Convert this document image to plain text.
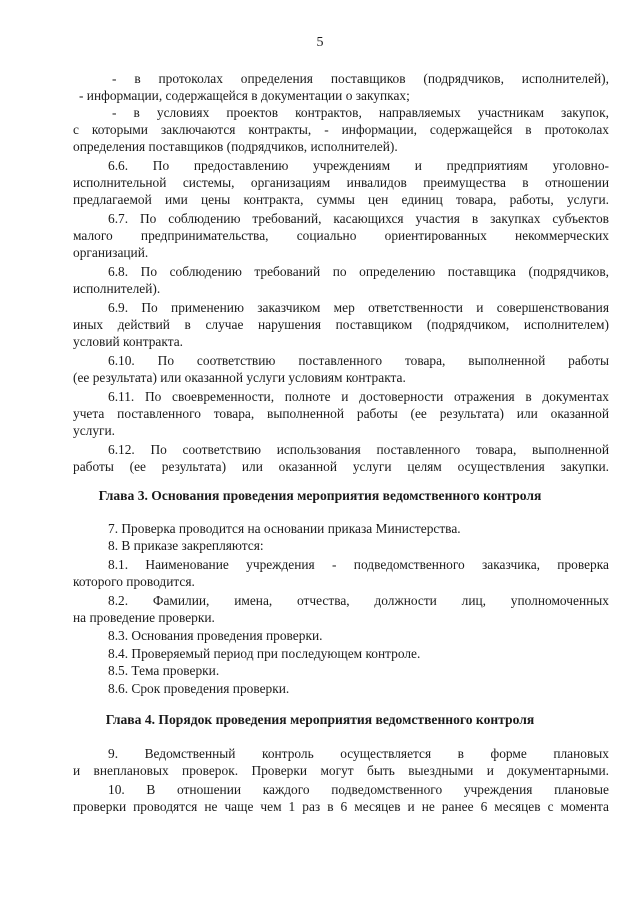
5
- в протоколах определения поставщиков (подрядчиков, исполнителей),
- информации, содержащейся в документации о закупках;
- в условиях проектов контрактов, направляемых участникам закупок,
с которыми заключаются контракты, - информации, содержащейся в протоколах
определения поставщиков (подрядчиков, исполнителей).
6.6. По предоставлению учреждениям и предприятиям уголовно-
исполнительной системы, организациям инвалидов преимущества в отношении
предлагаемой ими цены контракта, суммы цен единиц товара, работы, услуги.
6.7. По соблюдению требований, касающихся участия в закупках субъектов
малого предпринимательства, социально ориентированных некоммерческих
организаций.
6.8. По соблюдению требований по определению поставщика (подрядчиков,
исполнителей).
6.9. По применению заказчиком мер ответственности и совершенствования
иных действий в случае нарушения поставщиком (подрядчиком, исполнителем)
условий контракта.
6.10. По соответствию поставленного товара, выполненной работы
(ее результата) или оказанной услуги условиям контракта.
6.11. По своевременности, полноте и достоверности отражения в документах
учета поставленного товара, выполненной работы (ее результата) или оказанной
услуги.
6.12. По соответствию использования поставленного товара, выполненной
работы (ее результата) или оказанной услуги целям осуществления закупки.
Глава 3. Основания проведения мероприятия ведомственного контроля
7. Проверка проводится на основании приказа Министерства.
8. В приказе закрепляются:
8.1. Наименование учреждения - подведомственного заказчика, проверка
которого проводится.
8.2. Фамилии, имена, отчества, должности лиц, уполномоченных
на проведение проверки.
8.3. Основания проведения проверки.
8.4. Проверяемый период при последующем контроле.
8.5. Тема проверки.
8.6. Срок проведения проверки.
Глава 4. Порядок проведения мероприятия ведомственного контроля
9. Ведомственный контроль осуществляется в форме плановых
и внеплановых проверок. Проверки могут быть выездными и документарными.
10. В отношении каждого подведомственного учреждения плановые
проверки проводятся не чаще чем 1 раз в 6 месяцев и не ранее 6 месяцев с момента
